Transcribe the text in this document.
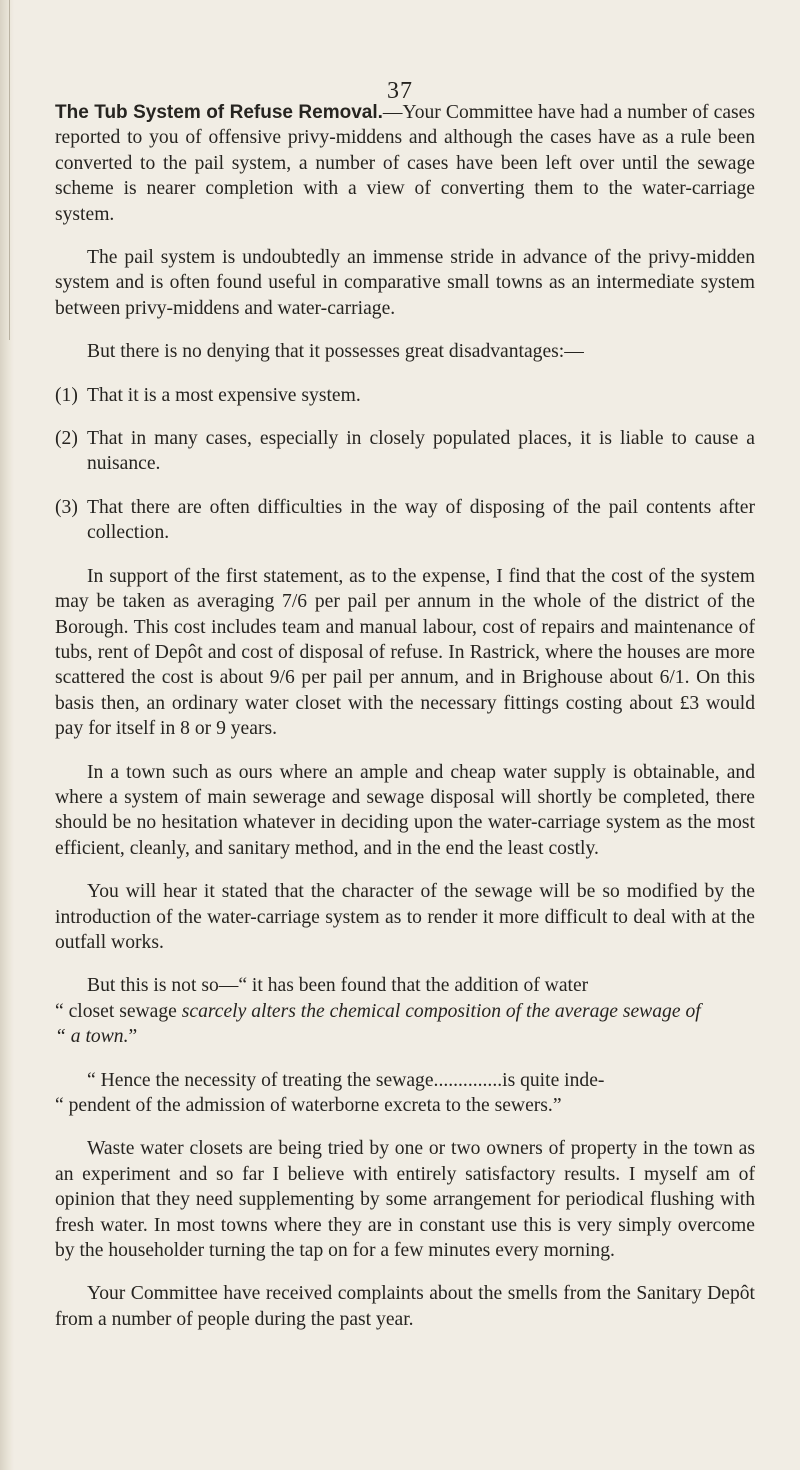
37

The Tub System of Refuse Removal.—Your Committee have had a number of cases reported to you of offensive privy-middens and although the cases have as a rule been converted to the pail system, a number of cases have been left over until the sewage scheme is nearer completion with a view of converting them to the water-carriage system.

The pail system is undoubtedly an immense stride in advance of the privy-midden system and is often found useful in comparative small towns as an intermediate system between privy-middens and water-carriage.

But there is no denying that it possesses great disadvantages:—

(1) That it is a most expensive system.
(2) That in many cases, especially in closely populated places, it is liable to cause a nuisance.
(3) That there are often difficulties in the way of disposing of the pail contents after collection.

In support of the first statement, as to the expense, I find that the cost of the system may be taken as averaging 7/6 per pail per annum in the whole of the district of the Borough. This cost includes team and manual labour, cost of repairs and maintenance of tubs, rent of Depôt and cost of disposal of refuse. In Rastrick, where the houses are more scattered the cost is about 9/6 per pail per annum, and in Brighouse about 6/1. On this basis then, an ordinary water closet with the necessary fittings costing about £3 would pay for itself in 8 or 9 years.

In a town such as ours where an ample and cheap water supply is obtainable, and where a system of main sewerage and sewage disposal will shortly be completed, there should be no hesitation whatever in deciding upon the water-carriage system as the most efficient, cleanly, and sanitary method, and in the end the least costly.

You will hear it stated that the character of the sewage will be so modified by the introduction of the water-carriage system as to render it more difficult to deal with at the outfall works.

But this is not so—“ it has been found that the addition of water

“ closet sewage scarcely alters the chemical composition of the average sewage of

“ a town.”

“ Hence the necessity of treating the sewage..............is quite inde-

“ pendent of the admission of waterborne excreta to the sewers.”

Waste water closets are being tried by one or two owners of property in the town as an experiment and so far I believe with entirely satisfactory results. I myself am of opinion that they need supplementing by some arrangement for periodical flushing with fresh water. In most towns where they are in constant use this is very simply overcome by the householder turning the tap on for a few minutes every morning.

Your Committee have received complaints about the smells from the Sanitary Depôt from a number of people during the past year.
